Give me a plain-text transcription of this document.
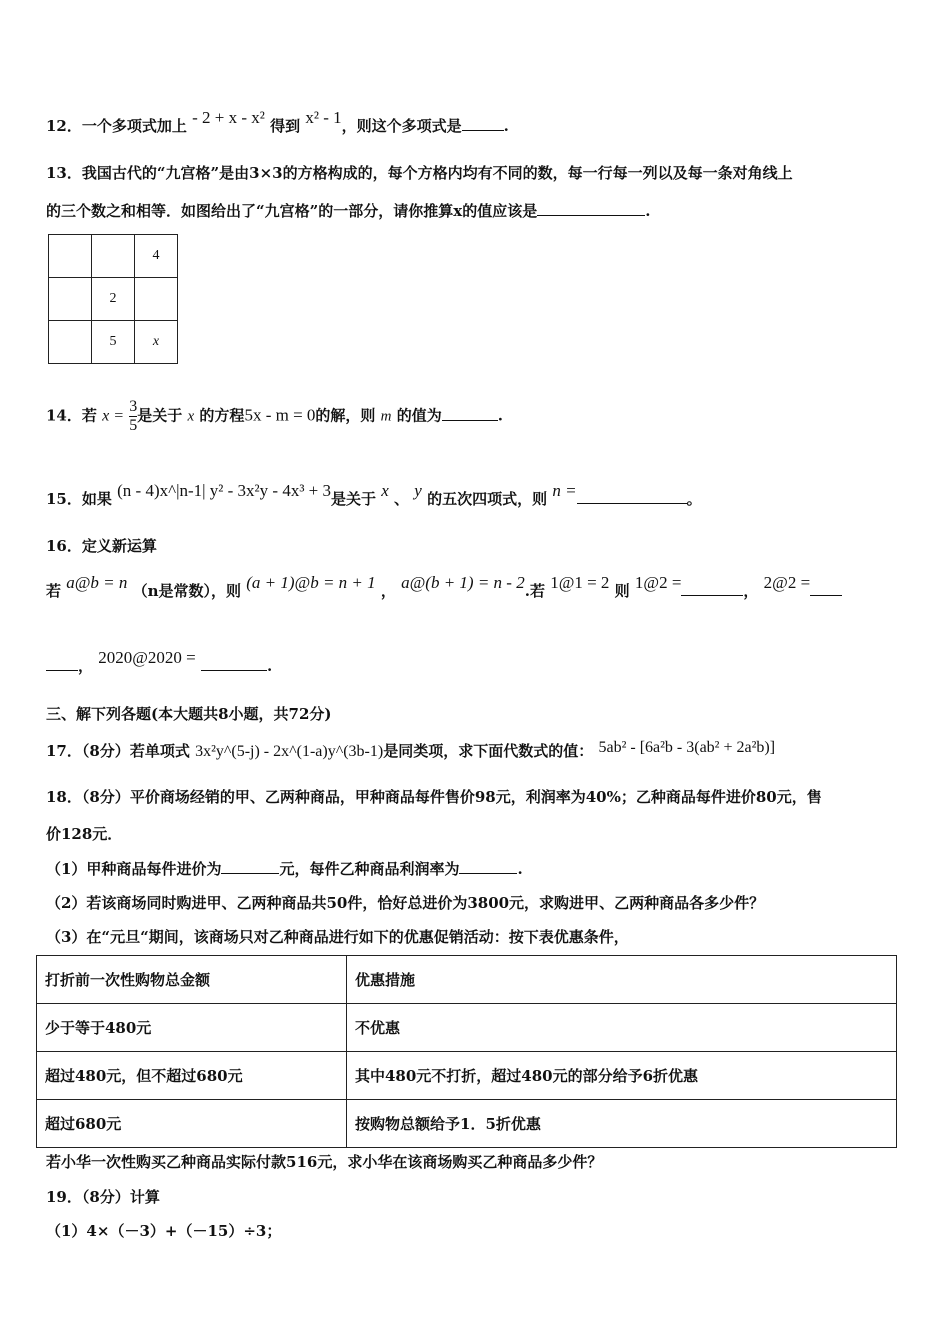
12．一个多项式加上 - 2 + x - x² 得到 x² - 1，则这个多项式是	.
13．我国古代的“九宫格”是由3×3的方格构成的，每个方格内均有不同的数，每一行每一列以及每一条对角线上
的三个数之和相等．如图给出了“九宫格”的一部分，请你推算x的值应该是	.
		4
	2	
	5	x
14．若 $x = \frac{3}{5}$ 是关于 x 的方程5x - m = 0的解，则 m 的值为	.
15．如果 (n - 4)x^|n-1| y² - 3x²y - 4x³ + 3是关于 x 、 y 的五次四项式，则 n =	。
16．定义新运算
若 a@b = n （n是常数），则 (a + 1)@b = n + 1 ， a@(b + 1) = n - 2.若 1@1 = 2 则 1@2 =	， 2@2 =
， 2020@2020 =	.
三、解下列各题(本大题共8小题，共72分)
17．（8分）若单项式 3x²y^(5-j) - 2x^(1-a)y^(3b-1)是同类项，求下面代数式的值： 5ab² - [6a²b - 3(ab² + 2a²b)]
18．（8分）平价商场经销的甲、乙两种商品，甲种商品每件售价98元，利润率为40%；乙种商品每件进价80元，售
价128元．
（1）甲种商品每件进价为	元，每件乙种商品利润率为	.
（2）若该商场同时购进甲、乙两种商品共50件，恰好总进价为3800元，求购进甲、乙两种商品各多少件？
（3）在“元旦“期间，该商场只对乙种商品进行如下的优惠促销活动：按下表优惠条件，
打折前一次性购物总金额	优惠措施
少于等于480元	不优惠
超过480元，但不超过680元	其中480元不打折，超过480元的部分给予6折优惠
超过680元	按购物总额给予1．5折优惠
若小华一次性购买乙种商品实际付款516元，求小华在该商场购买乙种商品多少件？
19．（8分）计算
（1）4×（－3）+（－15）÷3；
